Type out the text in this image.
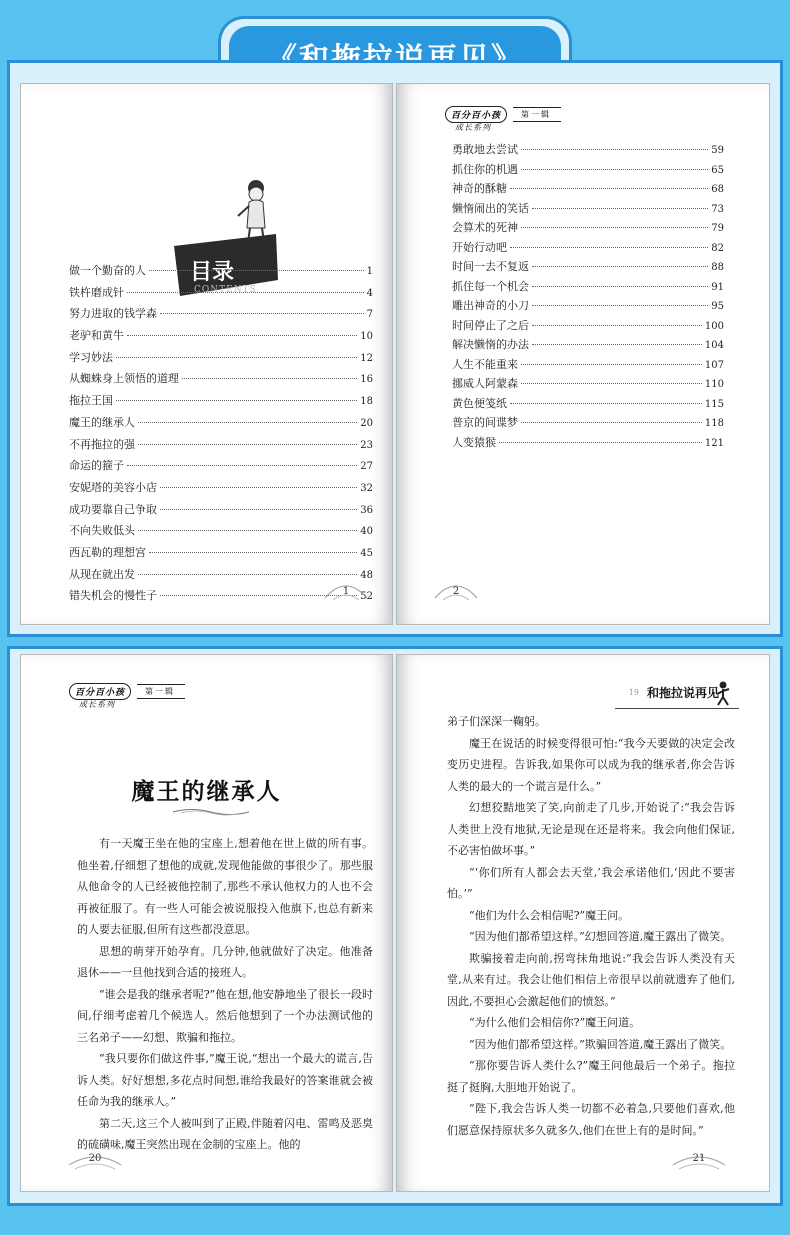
目录
CONTENTS
做一个勤奋的人	1
铁杵磨成针	4
努力进取的钱学森	7
老驴和黄牛	10
学习妙法	12
从蜘蛛身上领悟的道理	16
拖拉王国	18
魔王的继承人	20
不再拖拉的强	23
命运的箍子	27
安妮塔的美容小店	32
成功要靠自己争取	36
不向失败低头	40
西瓦勒的理想宫	45
从现在就出发	48
错失机会的慢性子	52
1
百分百小孩
成长系列
第一辑
勇敢地去尝试	59
抓住你的机遇	65
神奇的酥糖	68
懒惰闹出的笑话	73
会算术的死神	79
开始行动吧	82
时间一去不复返	88
抓住每一个机会	91
雕出神奇的小刀	95
时间停止了之后	100
解决懒惰的办法	104
人生不能重来	107
挪威人阿蒙森	110
黄色便笺纸	115
普京的间谍梦	118
人变猿猴	121
2
百分百小孩
成长系列
第一辑
魔王的继承人

有一天魔王坐在他的宝座上,想着他在世上做的所有事。他坐着,仔细想了想他的成就,发现他能做的事很少了。那些服从他命令的人已经被他控制了,那些不承认他权力的人也不会再被征服了。有一些人可能会被说服投入他旗下,也总有新来的人要去征服,但所有这些都没意思。

思想的萌芽开始孕育。几分钟,他就做好了决定。他准备退休——一旦他找到合适的接班人。

“谁会是我的继承者呢?”他在想,他安静地坐了很长一段时间,仔细考虑着几个候选人。然后他想到了一个办法测试他的三名弟子——幻想、欺骗和拖拉。

“我只要你们做这件事,”魔王说,“想出一个最大的谎言,告诉人类。好好想想,多花点时间想,谁给我最好的答案谁就会被任命为我的继承人。”

第二天,这三个人被叫到了正殿,伴随着闪电、雷鸣及恶臭的硫磺味,魔王突然出现在金制的宝座上。他的

20
19 和拖拉说再见

弟子们深深一鞠躬。

魔王在说话的时候变得很可怕:“我今天要做的决定会改变历史进程。告诉我,如果你可以成为我的继承者,你会告诉人类的最大的一个谎言是什么。”

幻想狡黠地笑了笑,向前走了几步,开始说了:“我会告诉人类世上没有地狱,无论是现在还是将来。我会向他们保证,不必害怕做坏事。”

“‘你们所有人都会去天堂,’我会承诺他们,‘因此不要害怕。’”

“他们为什么会相信呢?”魔王问。

“因为他们都希望这样。”幻想回答道,魔王露出了微笑。

欺骗接着走向前,拐弯抹角地说:“我会告诉人类没有天堂,从来有过。我会让他们相信上帝很早以前就遗弃了他们,因此,不要担心会激起他们的愤怒。”

“为什么他们会相信你?”魔王问道。

“因为他们都希望这样。”欺骗回答道,魔王露出了微笑。

“那你要告诉人类什么?”魔王问他最后一个弟子。拖拉挺了挺胸,大胆地开始说了。

“陛下,我会告诉人类一切都不必着急,只要他们喜欢,他们愿意保持原状多久就多久,他们在世上有的是时间。”

21
